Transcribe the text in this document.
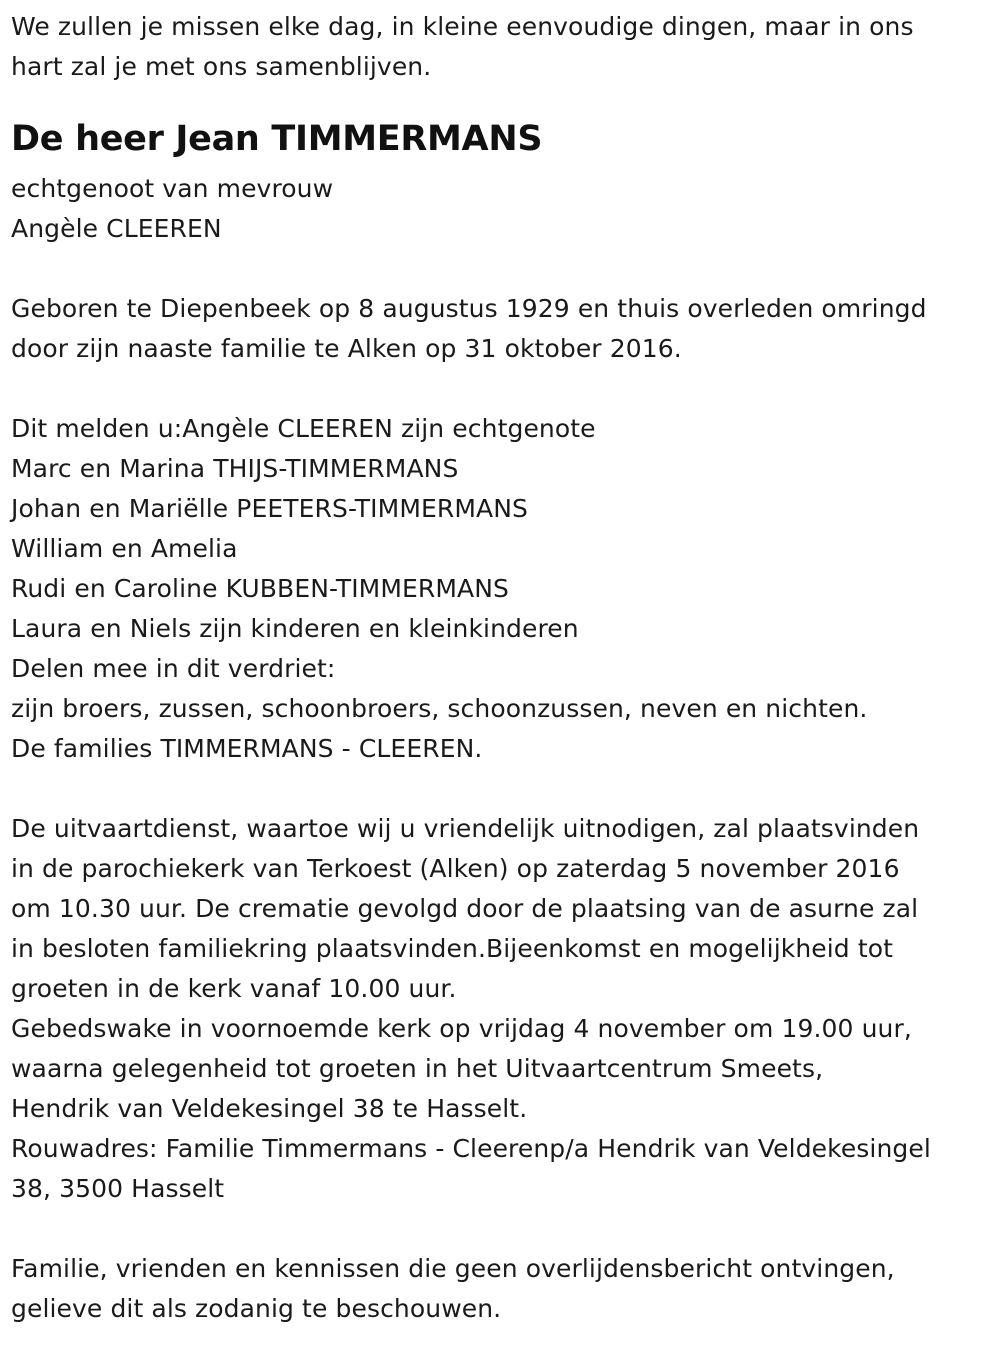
We zullen je missen elke dag, in kleine eenvoudige dingen, maar in ons
hart zal je met ons samenblijven.
De heer Jean TIMMERMANS
echtgenoot van mevrouw
Angèle CLEEREN
Geboren te Diepenbeek op 8 augustus 1929 en thuis overleden omringd
door zijn naaste familie te Alken op 31 oktober 2016.
Dit melden u:Angèle CLEEREN zijn echtgenote
Marc en Marina THIJS-TIMMERMANS
Johan en Mariëlle PEETERS-TIMMERMANS
William en Amelia
Rudi en Caroline KUBBEN-TIMMERMANS
Laura en Niels zijn kinderen en kleinkinderen
Delen mee in dit verdriet:
zijn broers, zussen, schoonbroers, schoonzussen, neven en nichten.
De families TIMMERMANS - CLEEREN.
De uitvaartdienst, waartoe wij u vriendelijk uitnodigen, zal plaatsvinden
in de parochiekerk van Terkoest (Alken) op zaterdag 5 november 2016
om 10.30 uur. De crematie gevolgd door de plaatsing van de asurne zal
in besloten familiekring plaatsvinden.Bijeenkomst en mogelijkheid tot
groeten in de kerk vanaf 10.00 uur.
Gebedswake in voornoemde kerk op vrijdag 4 november om 19.00 uur,
waarna gelegenheid tot groeten in het Uitvaartcentrum Smeets,
Hendrik van Veldekesingel 38 te Hasselt.
Rouwadres: Familie Timmermans - Cleerenp/a Hendrik van Veldekesingel
38, 3500 Hasselt
Familie, vrienden en kennissen die geen overlijdensbericht ontvingen,
gelieve dit als zodanig te beschouwen.
